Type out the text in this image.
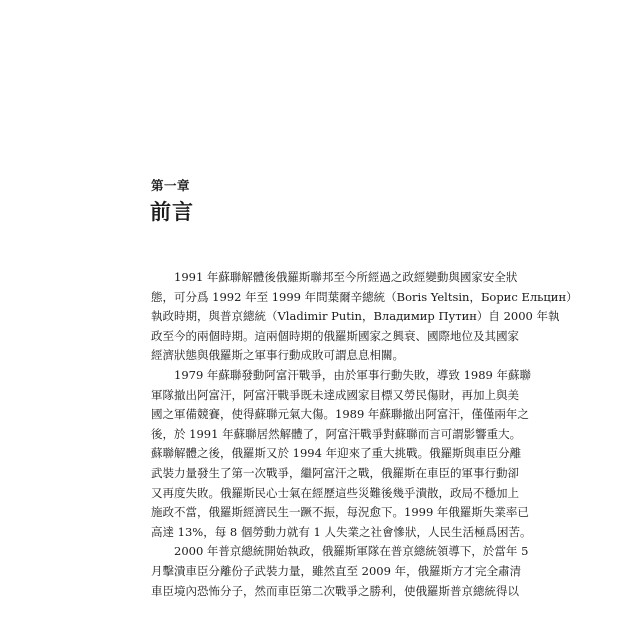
第一章
前言
1991 年蘇聯解體後俄羅斯聯邦至今所經過之政經變動與國家安全狀
態，可分爲 1992 年至 1999 年問葉爾辛總統（Boris Yeltsin，Борис Ельцин）
執政時期，與普京總統（Vladimir Putin，Владимир Путин）自 2000 年執
政至今的兩個時期。這兩個時期的俄羅斯國家之興衰、國際地位及其國家
經濟狀態與俄羅斯之軍事行動成敗可謂息息相關。
1979 年蘇聯發動阿富汗戰爭，由於軍事行動失敗，導致 1989 年蘇聯
軍隊撤出阿富汗，阿富汗戰爭既未達成國家目標又勞民傷財，再加上與美
國之軍備競賽，使得蘇聯元氣大傷。1989 年蘇聯撤出阿富汗，僅僅兩年之
後，於 1991 年蘇聯居然解體了，阿富汗戰爭對蘇聯而言可謂影響重大。
蘇聯解體之後，俄羅斯又於 1994 年迎來了重大挑戰。俄羅斯與車臣分離
武裝力量發生了第一次戰爭，繼阿富汗之戰，俄羅斯在車臣的軍事行動卻
又再度失敗。俄羅斯民心士氣在經歷這些災難後幾乎潰散，政局不穩加上
施政不當，俄羅斯經濟民生一蹶不振，每況愈下。1999 年俄羅斯失業率已
高達 13%，每 8 個勞動力就有 1 人失業之社會慘狀，人民生活極爲困苦。
2000 年普京總統開始執政，俄羅斯軍隊在普京總統領導下，於當年 5
月擊潰車臣分離份子武裝力量，雖然直至 2009 年，俄羅斯方才完全肅清
車臣境內恐怖分子，然而車臣第二次戰爭之勝利，使俄羅斯普京總統得以
